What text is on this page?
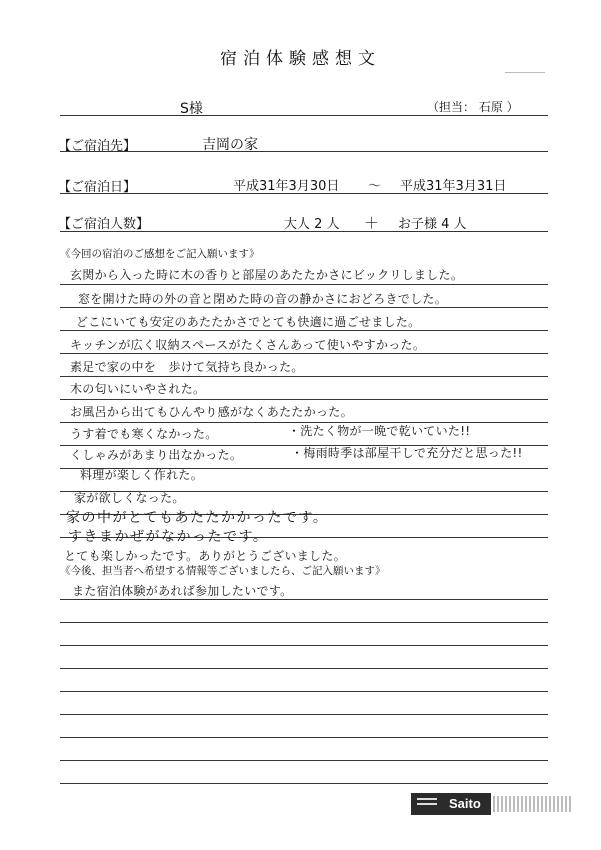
宿泊体験感想文
S様	（担当： 石原 ）
【ご宿泊先】	吉岡の家
【ご宿泊日】	平成31年3月30日 ～ 平成31年3月31日
【ご宿泊人数】	大人 2 人 ＋ お子様 4 人
《今回の宿泊のご感想をご記入願います》
玄関から入った時に木の香りと部屋のあたたかさにビックリしました。
窓を開けた時の外の音と閉めた時の音の静かさにおどろきでした。
どこにいても安定のあたたかさでとても快適に過ごせました。
キッチンが広く収納スペースがたくさんあって使いやすかった。
素足で家の中を　歩けて気持ち良かった。
木の匂いにいやされた。
お風呂から出てもひんやり感がなくあたたかった。
うす着でも寒くなかった。
くしゃみがあまり出なかった。
料理が楽しく作れた。
家が欲しくなった。
家の中がとてもあたたかかったです。
すきまかぜがなかったです。
とても楽しかったです。ありがとうございました。
・洗たく物が一晩で乾いていた!!
・梅雨時季は部屋干しで充分だと思った!!
《今後、担当者へ希望する情報等ございましたら、ご記入願います》
また宿泊体験があれば参加したいです。
Saito
